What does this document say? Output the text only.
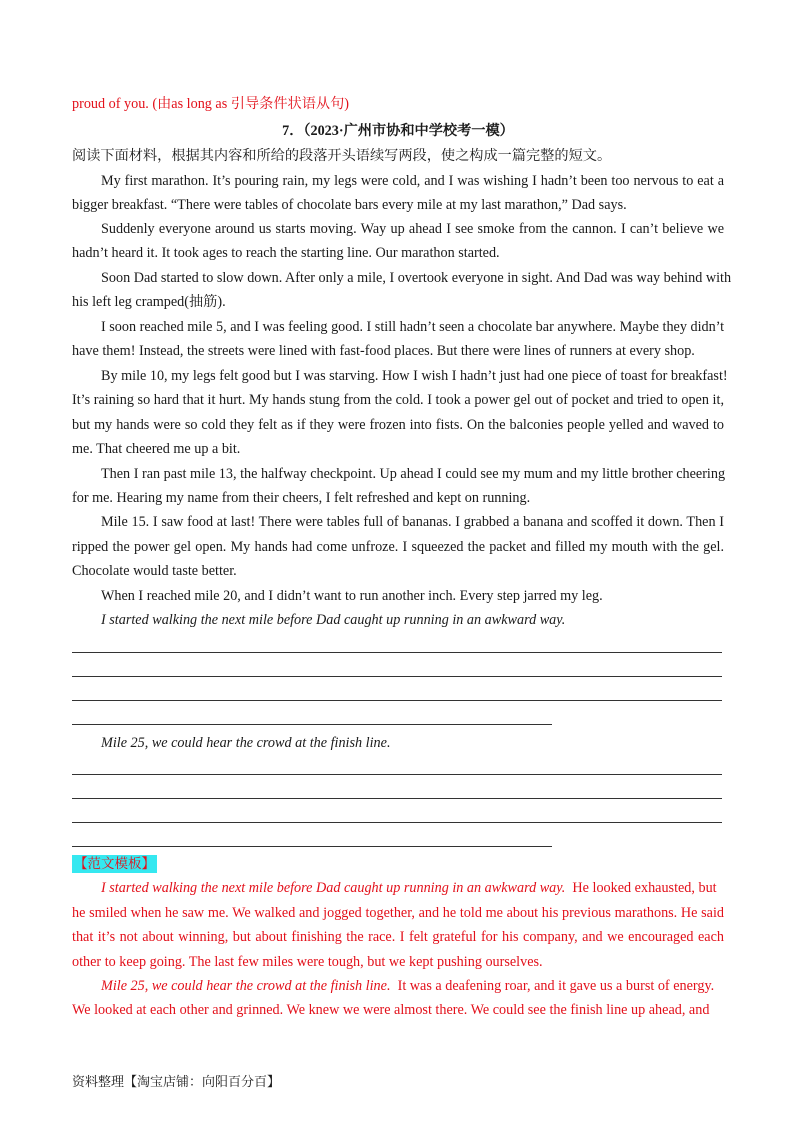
proud of you. (由as long as 引导条件状语从句)
7．（2023·广州市协和中学校考一模）
阅读下面材料，根据其内容和所给的段落开头语续写两段，使之构成一篇完整的短文。
My first marathon. It’s pouring rain, my legs were cold, and I was wishing I hadn’t been too nervous to eat a
bigger breakfast. “There were tables of chocolate bars every mile at my last marathon,” Dad says.
Suddenly everyone around us starts moving. Way up ahead I see smoke from the cannon. I can’t believe we
hadn’t heard it. It took ages to reach the starting line. Our marathon started.
Soon Dad started to slow down. After only a mile, I overtook everyone in sight. And Dad was way behind with
his left leg cramped(抽筋).
I soon reached mile 5, and I was feeling good. I still hadn’t seen a chocolate bar anywhere. Maybe they didn’t
have them! Instead, the streets were lined with fast-food places. But there were lines of runners at every shop.
By mile 10, my legs felt good but I was starving. How I wish I hadn’t just had one piece of toast for breakfast!
It’s raining so hard that it hurt. My hands stung from the cold. I took a power gel out of pocket and tried to open it,
but my hands were so cold they felt as if they were frozen into fists. On the balconies people yelled and waved to
me. That cheered me up a bit.
Then I ran past mile 13, the halfway checkpoint. Up ahead I could see my mum and my little brother cheering
for me. Hearing my name from their cheers, I felt refreshed and kept on running.
Mile 15. I saw food at last! There were tables full of bananas. I grabbed a banana and scoffed it down. Then I
ripped the power gel open. My hands had come unfroze. I squeezed the packet and filled my mouth with the gel.
Chocolate would taste better.
When I reached mile 20, and I didn’t want to run another inch. Every step jarred my leg.
I started walking the next mile before Dad caught up running in an awkward way.
Mile 25, we could hear the crowd at the finish line.
【范文模板】
I started walking the next mile before Dad caught up running in an awkward way. He looked exhausted, but
he smiled when he saw me. We walked and jogged together, and he told me about his previous marathons. He said
that it’s not about winning, but about finishing the race. I felt grateful for his company, and we encouraged each
other to keep going. The last few miles were tough, but we kept pushing ourselves.
Mile 25, we could hear the crowd at the finish line. It was a deafening roar, and it gave us a burst of energy.
We looked at each other and grinned. We knew we were almost there. We could see the finish line up ahead, and
资料整理【淘宝店铺：向阳百分百】
